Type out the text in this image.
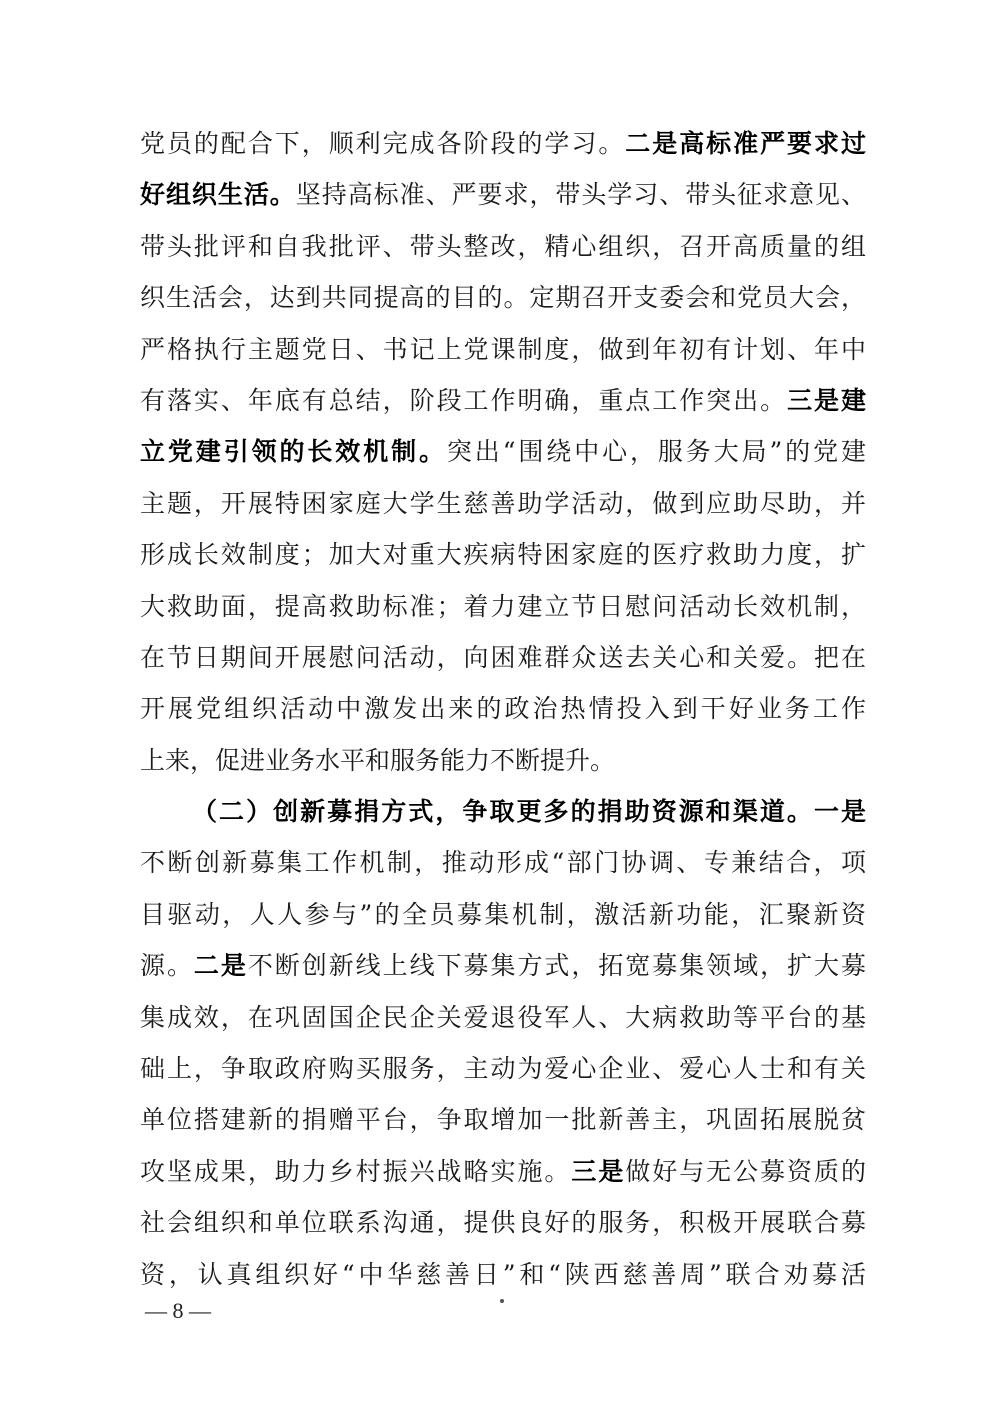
党员的配合下，顺利完成各阶段的学习。二是高标准严要求过
好组织生活。坚持高标准、严要求，带头学习、带头征求意见、
带头批评和自我批评、带头整改，精心组织，召开高质量的组
织生活会，达到共同提高的目的。定期召开支委会和党员大会，
严格执行主题党日、书记上党课制度，做到年初有计划、年中
有落实、年底有总结，阶段工作明确，重点工作突出。三是建
立党建引领的长效机制。突出“围绕中心，服务大局”的党建
主题，开展特困家庭大学生慈善助学活动，做到应助尽助，并
形成长效制度；加大对重大疾病特困家庭的医疗救助力度，扩
大救助面，提高救助标准；着力建立节日慰问活动长效机制，
在节日期间开展慰问活动，向困难群众送去关心和关爱。把在
开展党组织活动中激发出来的政治热情投入到干好业务工作
上来，促进业务水平和服务能力不断提升。
（二）创新募捐方式，争取更多的捐助资源和渠道。一是
不断创新募集工作机制，推动形成“部门协调、专兼结合，项
目驱动，人人参与”的全员募集机制，激活新功能，汇聚新资
源。二是不断创新线上线下募集方式，拓宽募集领域，扩大募
集成效，在巩固国企民企关爱退役军人、大病救助等平台的基
础上，争取政府购买服务，主动为爱心企业、爱心人士和有关
单位搭建新的捐赠平台，争取增加一批新善主，巩固拓展脱贫
攻坚成果，助力乡村振兴战略实施。三是做好与无公募资质的
社会组织和单位联系沟通，提供良好的服务，积极开展联合募
资，认真组织好“中华慈善日”和“陕西慈善周”联合劝募活
— 8 —
